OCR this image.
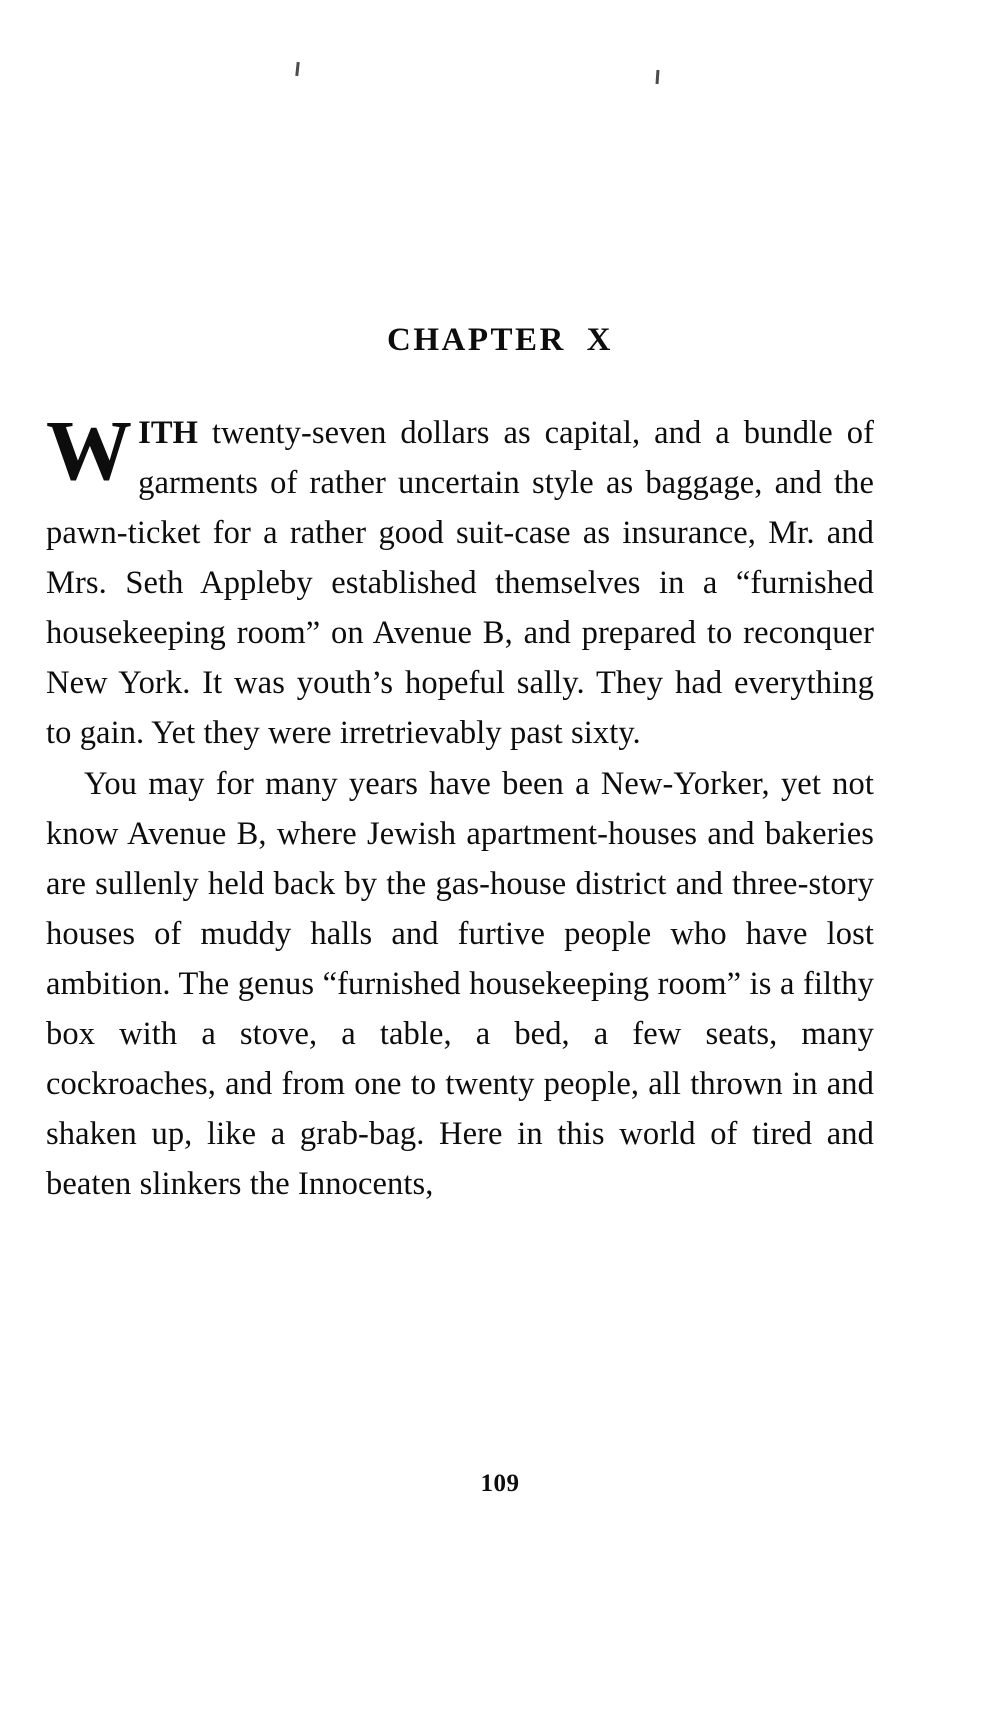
CHAPTER X

WITH twenty-seven dollars as capital, and a bundle of garments of rather uncertain style as baggage, and the pawn-ticket for a rather good suit-case as insurance, Mr. and Mrs. Seth Appleby established themselves in a “furnished housekeeping room” on Avenue B, and prepared to reconquer New York. It was youth’s hopeful sally. They had everything to gain. Yet they were irretrievably past sixty.

You may for many years have been a New-Yorker, yet not know Avenue B, where Jewish apartment-houses and bakeries are sullenly held back by the gas-house district and three-story houses of muddy halls and furtive people who have lost ambition. The genus “furnished housekeeping room” is a filthy box with a stove, a table, a bed, a few seats, many cockroaches, and from one to twenty people, all thrown in and shaken up, like a grab-bag. Here in this world of tired and beaten slinkers the Innocents,

109
